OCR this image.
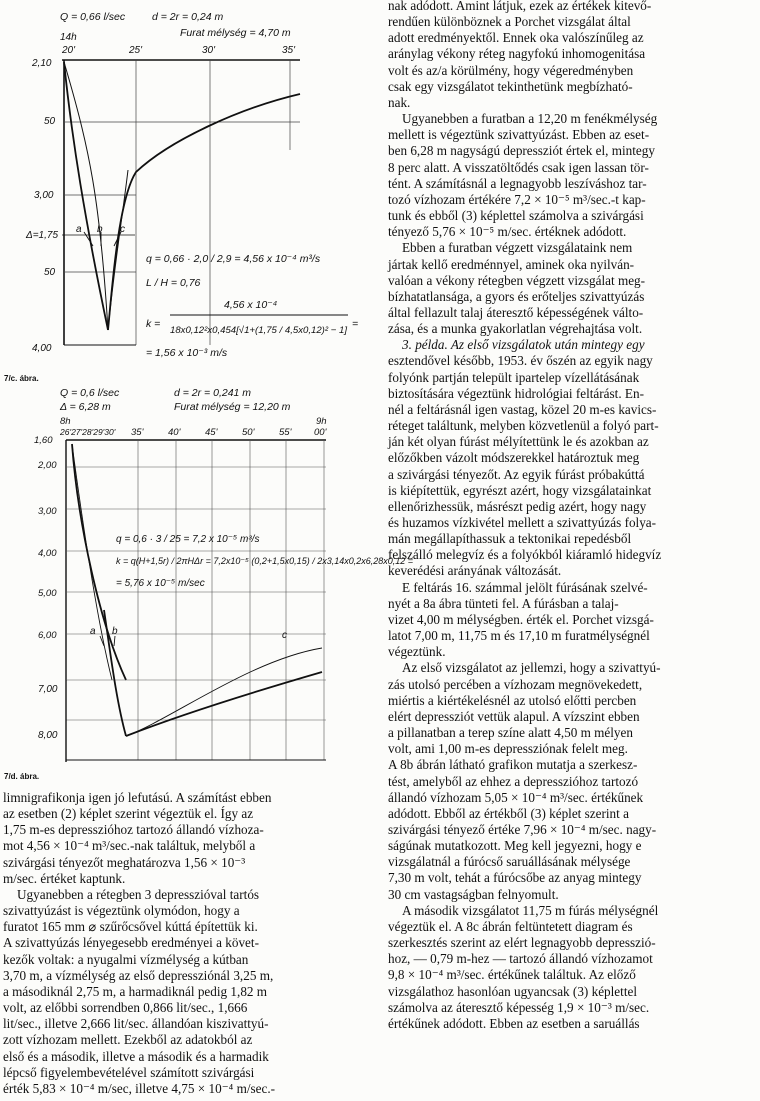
Q = 0,66 l/sec	d = 2r = 0,24 m
Furat mélység = 4,70 m
14h
20'	25'	30'	35'
2,10
50
3,00
Δ=1,75
50
4,00
a b c
q = 0,66 · 2,0 / 2,9 = 4,56 x 10⁻⁴ m³/s
L / H = 0,76
k =
4,56 x 10⁻⁴
18x0,12²x0,454[√1+(1,75 / 4,5x0,12)² − 1]
=
= 1,56 x 10⁻³ m/s
7/c. ábra.
Q = 0,6 l/sec
Δ = 6,28 m
d = 2r = 0,241 m
Furat mélység = 12,20 m
8h
26'27'28'29'30' 35'	40'	45'	50'	55'
9h
00'
1,60
2,00
3,00
4,00
5,00
6,00	a b
q = 0,6 · 3 / 25 = 7,2 x 10⁻⁵ m³/s
k = q(H+1,5r) / 2πHΔr = 7,2x10⁻⁵ (0,2+1,5x0,15) / 2x3,14x0,2x6,28x0,12 =
= 5,76 x 10⁻⁵ m/sec
c
7,00
8,00
7/d. ábra.
limnigrafikonja igen jó lefutású. A számítást ebben
az esetben (2) képlet szerint végeztük el. Így az
1,75 m-es depresszióhoz tartozó állandó vízhoza-
mot 4,56 × 10⁻⁴ m³/sec.-nak találtuk, melyből a
szivárgási tényezőt meghatározva 1,56 × 10⁻³
m/sec. értéket kaptunk.
Ugyanebben a rétegben 3 depresszióval tartós
szivattyúzást is végeztünk olymódon, hogy a
furatot 165 mm ⌀ szűrőcsővel kúttá építettük ki.
A szivattyúzás lényegesebb eredményei a követ-
kezők voltak: a nyugalmi vízmélység a kútban
3,70 m, a vízmélység az első depressziónál 3,25 m,
a másodiknál 2,75 m, a harmadiknál pedig 1,82 m
volt, az előbbi sorrendben 0,866 lit/sec., 1,666
lit/sec., illetve 2,666 lit/sec. állandóan kiszivattyú-
zott vízhozam mellett. Ezekből az adatokból az
első és a második, illetve a második és a harmadik
lépcső figyelembevételével számított szivárgási
érték 5,83 × 10⁻⁴ m/sec, illetve 4,75 × 10⁻⁴ m/sec.-
nak adódott. Amint látjuk, ezek az értékek kitevő-
rendűen különböznek a Porchet vizsgálat által
adott eredményektől. Ennek oka valószínűleg az
aránylag vékony réteg nagyfokú inhomogenitása
volt és az/a körülmény, hogy végeredményben
csak egy vizsgálatot tekinthetünk megbízható-
nak.
Ugyanebben a furatban a 12,20 m fenékmélység
mellett is végeztünk szivattyúzást. Ebben az eset-
ben 6,28 m nagyságú depressziót értek el, mintegy
8 perc alatt. A visszatöltődés csak igen lassan tör-
tént. A számításnál a legnagyobb leszíváshoz tar-
tozó vízhozam értékére 7,2 × 10⁻⁵ m³/sec.-t kap-
tunk és ebből (3) képlettel számolva a szivárgási
tényező 5,76 × 10⁻⁵ m/sec. értéknek adódott.
Ebben a furatban végzett vizsgálataink nem
jártak kellő eredménnyel, aminek oka nyilván-
valóan a vékony rétegben végzett vizsgálat meg-
bízhatatlansága, a gyors és erőteljes szivattyúzás
által fellazult talaj áteresztő képességének válto-
zása, és a munka gyakorlatlan végrehajtása volt.
3. példa. Az első vizsgálatok után mintegy egy
esztendővel később, 1953. év őszén az egyik nagy
folyónk partján települt ipartelep vízellátásának
biztosítására végeztünk hidrológiai feltárást. En-
nél a feltárásnál igen vastag, közel 20 m-es kavics-
réteget találtunk, melyben közvetlenül a folyó part-
ján két olyan fúrást mélyítettünk le és azokban az
előzőkben vázolt módszerekkel határoztuk meg
a szivárgási tényezőt. Az egyik fúrást próbakúttá
is kiépítettük, egyrészt azért, hogy vizsgálatainkat
ellenőrizhessük, másrészt pedig azért, hogy nagy
és huzamos vízkivétel mellett a szivattyúzás folya-
mán megállapíthassuk a tektonikai repedésből
felszálló melegvíz és a folyókból kiáramló hidegvíz
keverédési arányának változását.
E feltárás 16. számmal jelölt fúrásának szelvé-
nyét a 8a ábra tünteti fel. A fúrásban a talaj-
vizet 4,00 m mélységben. érték el. Porchet vizsgá-
latot 7,00 m, 11,75 m és 17,10 m furatmélységnél
végeztünk.
Az első vizsgálatot az jellemzi, hogy a szivattyú-
zás utolsó percében a vízhozam megnövekedett,
miértis a kiértékelésnél az utolsó előtti percben
elért depressziót vettük alapul. A vízszint ebben
a pillanatban a terep színe alatt 4,50 m mélyen
volt, ami 1,00 m-es depressziónak felelt meg.
A 8b ábrán látható grafikon mutatja a szerkesz-
tést, amelyből az ehhez a depresszióhoz tartozó
állandó vízhozam 5,05 × 10⁻⁴ m³/sec. értékűnek
adódott. Ebből az értékből (3) képlet szerint a
szivárgási tényező értéke 7,96 × 10⁻⁴ m/sec. nagy-
ságúnak mutatkozott. Meg kell jegyezni, hogy e
vizsgálatnál a fúrócső saruállásának mélysége
7,30 m volt, tehát a fúrócsőbe az anyag mintegy
30 cm vastagságban felnyomult.
A második vizsgálatot 11,75 m fúrás mélységnél
végeztük el. A 8c ábrán feltüntetett diagram és
szerkesztés szerint az elért legnagyobb depresszió-
hoz, — 0,79 m-hez — tartozó állandó vízhozamot
9,8 × 10⁻⁴ m³/sec. értékűnek találtuk. Az előző
vizsgálathoz hasonlóan ugyancsak (3) képlettel
számolva az áteresztő képesség 1,9 × 10⁻³ m/sec.
értékűnek adódott. Ebben az esetben a saruállás
